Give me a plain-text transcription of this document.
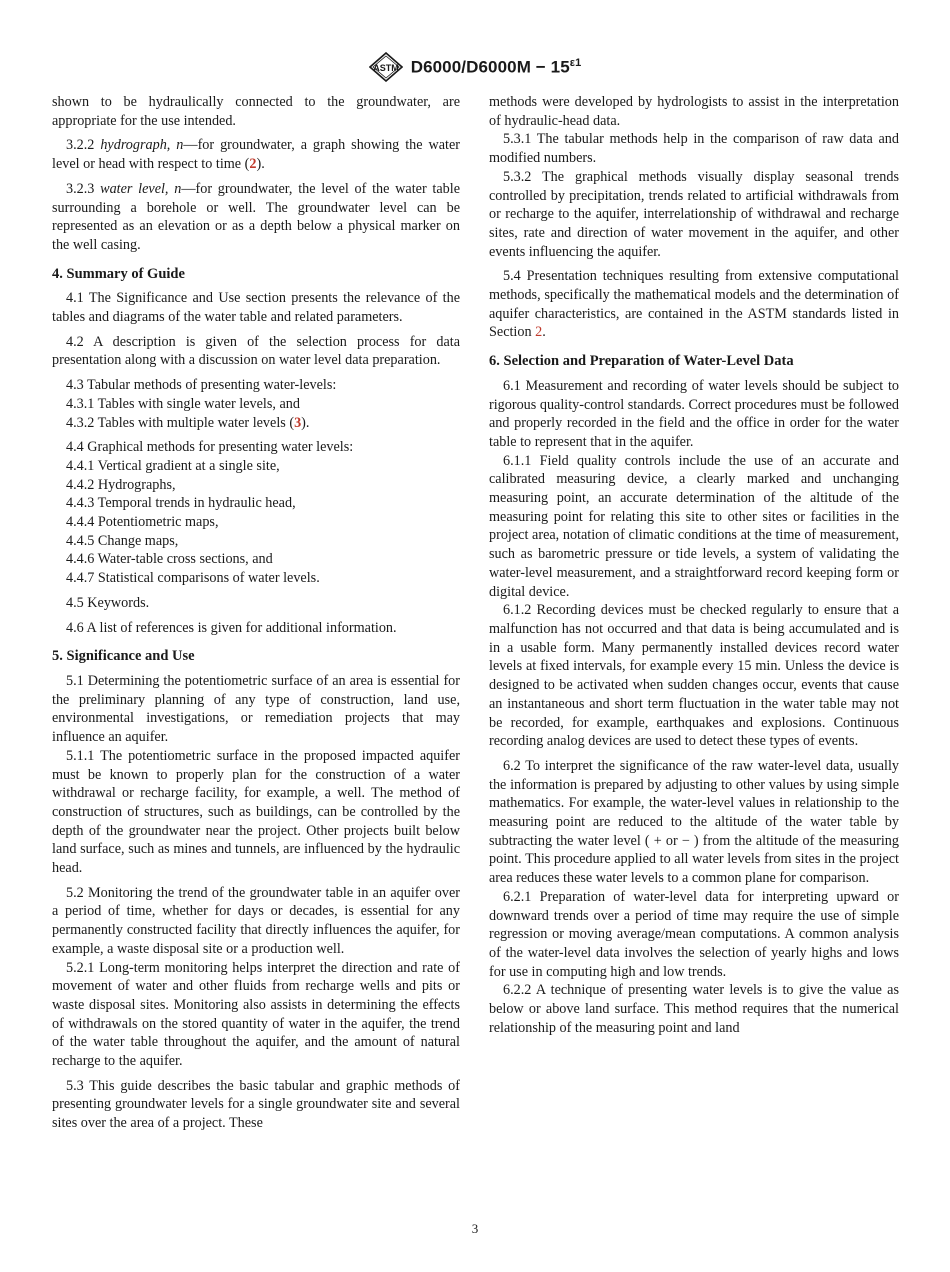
ASTM $D6000/D6000M - 15^{\varepsilon 1}$

shown to be hydraulically connected to the groundwater, are appropriate for the use intended.

3.2.2 hydrograph, n—for groundwater, a graph showing the water level or head with respect to time (2).

3.2.3 water level, n—for groundwater, the level of the water table surrounding a borehole or well. The groundwater level can be represented as an elevation or as a depth below a physical marker on the well casing.

4. Summary of Guide

4.1 The Significance and Use section presents the relevance of the tables and diagrams of the water table and related parameters.

4.2 A description is given of the selection process for data presentation along with a discussion on water level data preparation.

4.3 Tabular methods of presenting water-levels:

4.3.1 Tables with single water levels, and

4.3.2 Tables with multiple water levels (3).

4.4 Graphical methods for presenting water levels:

4.4.1 Vertical gradient at a single site,

4.4.2 Hydrographs,

4.4.3 Temporal trends in hydraulic head,

4.4.4 Potentiometric maps,

4.4.5 Change maps,

4.4.6 Water-table cross sections, and

4.4.7 Statistical comparisons of water levels.

4.5 Keywords.

4.6 A list of references is given for additional information.

5. Significance and Use

5.1 Determining the potentiometric surface of an area is essential for the preliminary planning of any type of construction, land use, environmental investigations, or remediation projects that may influence an aquifer.

5.1.1 The potentiometric surface in the proposed impacted aquifer must be known to properly plan for the construction of a water withdrawal or recharge facility, for example, a well. The method of construction of structures, such as buildings, can be controlled by the depth of the groundwater near the project. Other projects built below land surface, such as mines and tunnels, are influenced by the hydraulic head.

5.2 Monitoring the trend of the groundwater table in an aquifer over a period of time, whether for days or decades, is essential for any permanently constructed facility that directly influences the aquifer, for example, a waste disposal site or a production well.

5.2.1 Long-term monitoring helps interpret the direction and rate of movement of water and other fluids from recharge wells and pits or waste disposal sites. Monitoring also assists in determining the effects of withdrawals on the stored quantity of water in the aquifer, the trend of the water table throughout the aquifer, and the amount of natural recharge to the aquifer.

5.3 This guide describes the basic tabular and graphic methods of presenting groundwater levels for a single groundwater site and several sites over the area of a project. These

methods were developed by hydrologists to assist in the interpretation of hydraulic-head data.

5.3.1 The tabular methods help in the comparison of raw data and modified numbers.

5.3.2 The graphical methods visually display seasonal trends controlled by precipitation, trends related to artificial withdrawals from or recharge to the aquifer, interrelationship of withdrawal and recharge sites, rate and direction of water movement in the aquifer, and other events influencing the aquifer.

5.4 Presentation techniques resulting from extensive computational methods, specifically the mathematical models and the determination of aquifer characteristics, are contained in the ASTM standards listed in Section 2.

6. Selection and Preparation of Water-Level Data

6.1 Measurement and recording of water levels should be subject to rigorous quality-control standards. Correct procedures must be followed and properly recorded in the field and the office in order for the water table to represent that in the aquifer.

6.1.1 Field quality controls include the use of an accurate and calibrated measuring device, a clearly marked and unchanging measuring point, an accurate determination of the altitude of the measuring point for relating this site to other sites or facilities in the project area, notation of climatic conditions at the time of measurement, such as barometric pressure or tide levels, a system of validating the water-level measurement, and a straightforward record keeping form or digital device.

6.1.2 Recording devices must be checked regularly to ensure that a malfunction has not occurred and that data is being accumulated and is in a usable form. Many permanently installed devices record water levels at fixed intervals, for example every 15 min. Unless the device is designed to be activated when sudden changes occur, events that cause an instantaneous and short term fluctuation in the water table may not be recorded, for example, earthquakes and explosions. Continuous recording analog devices are used to detect these types of events.

6.2 To interpret the significance of the raw water-level data, usually the information is prepared by adjusting to other values by using simple mathematics. For example, the water-level values in relationship to the measuring point are reduced to the altitude of the water table by subtracting the water level ( + or − ) from the altitude of the measuring point. This procedure applied to all water levels from sites in the project area reduces these water levels to a common plane for comparison.

6.2.1 Preparation of water-level data for interpreting upward or downward trends over a period of time may require the use of simple regression or moving average/mean computations. A common analysis of the water-level data involves the selection of yearly highs and lows for use in computing high and low trends.

6.2.2 A technique of presenting water levels is to give the value as below or above land surface. This method requires that the numerical relationship of the measuring point and land

3
